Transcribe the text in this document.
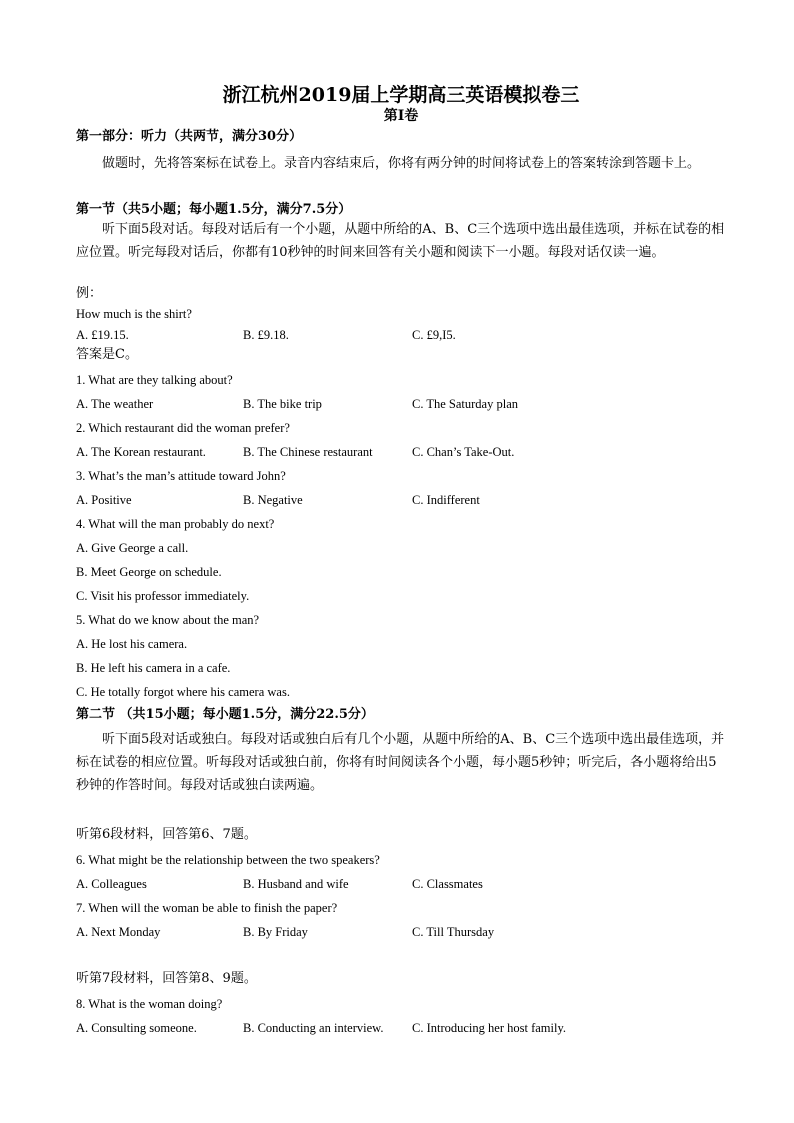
浙江杭州2019届上学期高三英语模拟卷三
第Ⅰ卷
第一部分：听力（共两节，满分30分）
做题时，先将答案标在试卷上。录音内容结束后，你将有两分钟的时间将试卷上的答案转涂到答题卡上。
第一节（共5小题；每小题1.5分，满分7.5分）
听下面5段对话。每段对话后有一个小题，从题中所给的A、B、C三个选项中选出最佳选项，并标在试卷的相应位置。听完每段对话后，你都有10秒钟的时间来回答有关小题和阅读下一小题。每段对话仅读一遍。
例：
How much is the shirt?
A. £19.15.	B. £9.18.	C. £9,I5.
答案是C。
1. What are they talking about?
A. The weather	B. The bike trip	C. The Saturday plan
2. Which restaurant did the woman prefer?
A. The Korean restaurant.	B. The Chinese restaurant	C. Chan’s Take-Out.
3. What’s the man’s attitude toward John?
A. Positive	B. Negative	C. Indifferent
4. What will the man probably do next?
A. Give George a call.
B. Meet George on schedule.
C. Visit his professor immediately.
5. What do we know about the man?
A. He lost his camera.
B. He left his camera in a cafe.
C. He totally forgot where his camera was.
第二节 （共15小题；每小题1.5分，满分22.5分）
听下面5段对话或独白。每段对话或独白后有几个小题，从题中所给的A、B、C三个选项中选出最佳选项，并标在试卷的相应位置。听每段对话或独白前，你将有时间阅读各个小题，每小题5秒钟；听完后，各小题将给出5秒钟的作答时间。每段对话或独白读两遍。
听第6段材料，回答第6、7题。
6. What might be the relationship between the two speakers?
A. Colleagues	B. Husband and wife	C. Classmates
7. When will the woman be able to finish the paper?
A. Next Monday	B. By Friday	C. Till Thursday
听第7段材料，回答第8、9题。
8. What is the woman doing?
A. Consulting someone.	B. Conducting an interview. C. Introducing her host family.
